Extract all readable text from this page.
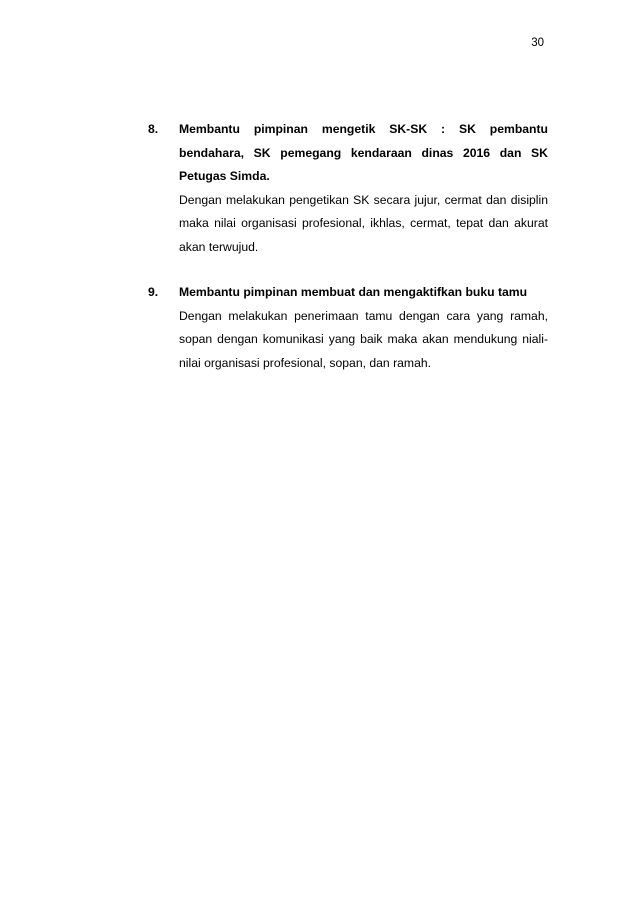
30
8. Membantu pimpinan mengetik SK-SK : SK pembantu bendahara, SK pemegang kendaraan dinas 2016 dan SK Petugas Simda.
Dengan melakukan pengetikan SK secara jujur, cermat dan disiplin maka nilai organisasi profesional, ikhlas, cermat, tepat dan akurat akan terwujud.
9. Membantu pimpinan membuat dan mengaktifkan buku tamu
Dengan melakukan penerimaan tamu dengan cara yang ramah, sopan dengan komunikasi yang baik maka akan mendukung niali-nilai organisasi profesional, sopan, dan ramah.
